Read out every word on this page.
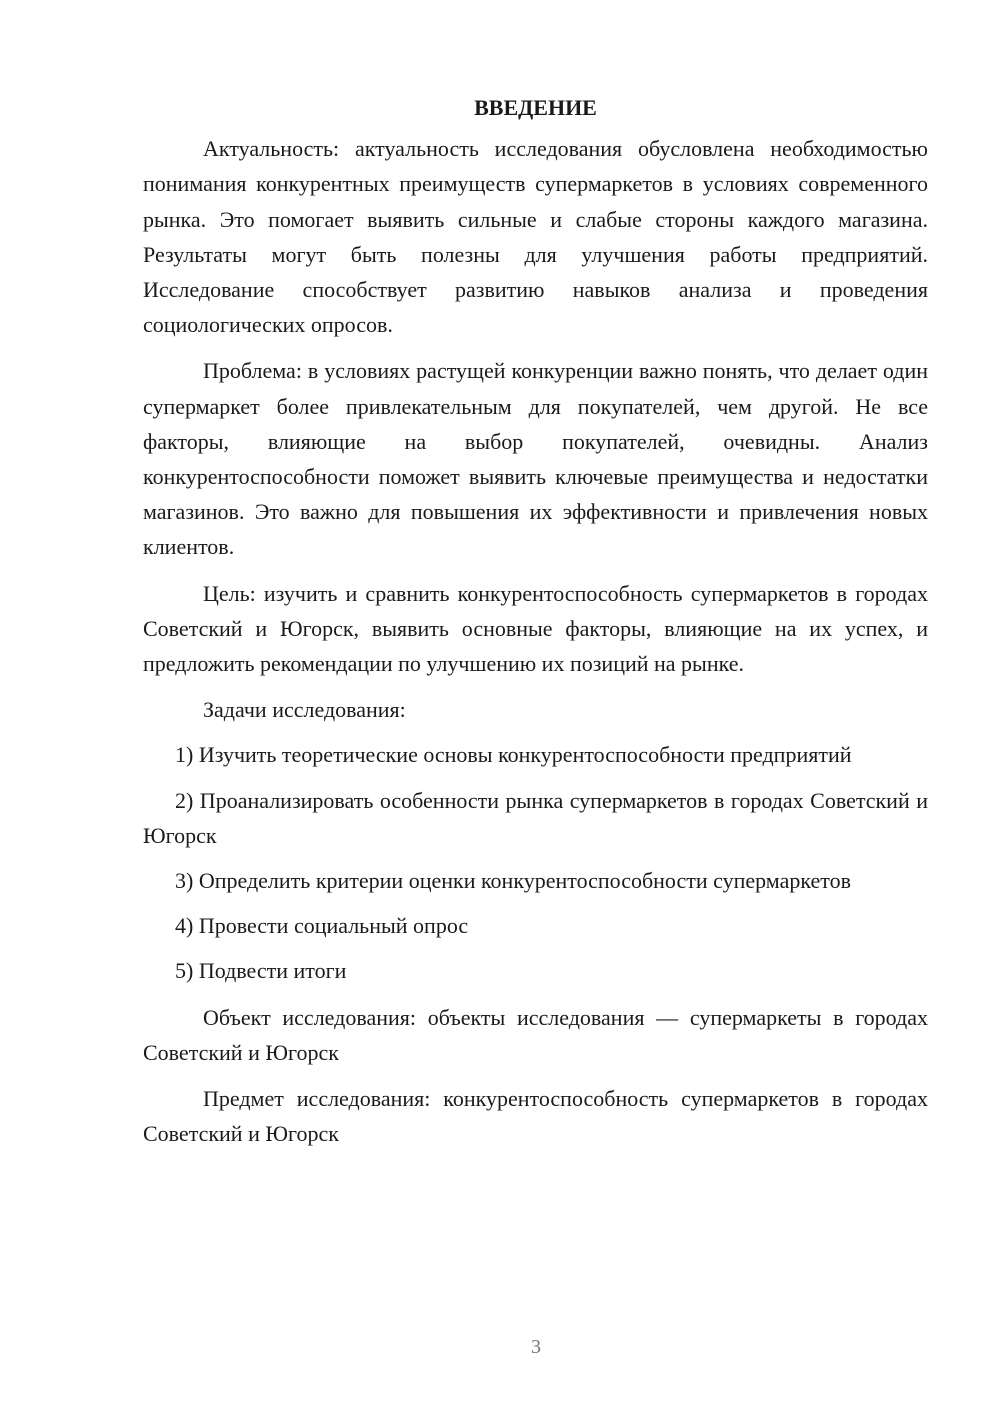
ВВЕДЕНИЕ

Актуальность: актуальность исследования обусловлена необходимостью понимания конкурентных преимуществ супермаркетов в условиях современного рынка. Это помогает выявить сильные и слабые стороны каждого магазина. Результаты могут быть полезны для улучшения работы предприятий. Исследование способствует развитию навыков анализа и проведения социологических опросов.

Проблема: в условиях растущей конкуренции важно понять, что делает один супермаркет более привлекательным для покупателей, чем другой. Не все факторы, влияющие на выбор покупателей, очевидны. Анализ конкурентоспособности поможет выявить ключевые преимущества и недостатки магазинов. Это важно для повышения их эффективности и привлечения новых клиентов.

Цель: изучить и сравнить конкурентоспособность супермаркетов в городах Советский и Югорск, выявить основные факторы, влияющие на их успех, и предложить рекомендации по улучшению их позиций на рынке.

Задачи исследования:

1) Изучить теоретические основы конкурентоспособности предприятий

2) Проанализировать особенности рынка супермаркетов в городах Советский и Югорск

3) Определить критерии оценки конкурентоспособности супермаркетов

4) Провести социальный опрос

5) Подвести итоги

Объект исследования: объекты исследования — супермаркеты в городах Советский и Югорск

Предмет исследования: конкурентоспособность супермаркетов в городах Советский и Югорск

3
